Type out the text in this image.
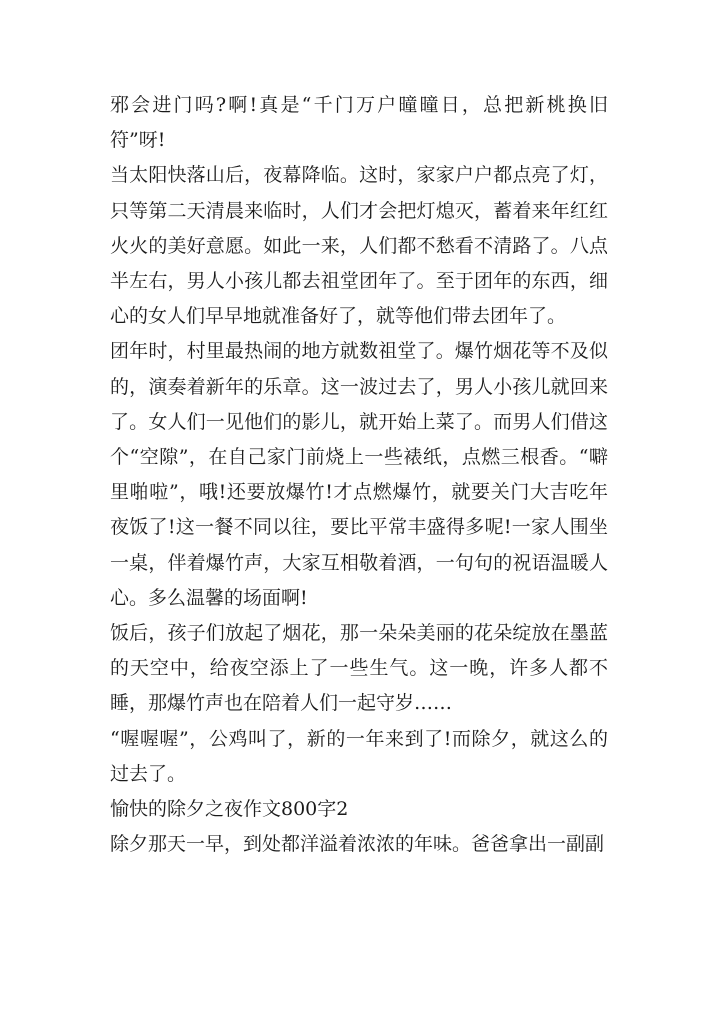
邪会进门吗?啊!真是“千门万户曈曈日，总把新桃换旧符”呀!

当太阳快落山后，夜幕降临。这时，家家户户都点亮了灯，只等第二天清晨来临时，人们才会把灯熄灭，蓄着来年红红火火的美好意愿。如此一来，人们都不愁看不清路了。八点半左右，男人小孩儿都去祖堂团年了。至于团年的东西，细心的女人们早早地就准备好了，就等他们带去团年了。

团年时，村里最热闹的地方就数祖堂了。爆竹烟花等不及似的，演奏着新年的乐章。这一波过去了，男人小孩儿就回来了。女人们一见他们的影儿，就开始上菜了。而男人们借这个“空隙”，在自己家门前烧上一些裱纸，点燃三根香。“噼里啪啦”，哦!还要放爆竹!才点燃爆竹，就要关门大吉吃年夜饭了!这一餐不同以往，要比平常丰盛得多呢!一家人围坐一桌，伴着爆竹声，大家互相敬着酒，一句句的祝语温暖人心。多么温馨的场面啊!

饭后，孩子们放起了烟花，那一朵朵美丽的花朵绽放在墨蓝的天空中，给夜空添上了一些生气。这一晚，许多人都不睡，那爆竹声也在陪着人们一起守岁……

“喔喔喔”，公鸡叫了，新的一年来到了!而除夕，就这么的过去了。

愉快的除夕之夜作文800字2

除夕那天一早，到处都洋溢着浓浓的年味。爸爸拿出一副副
